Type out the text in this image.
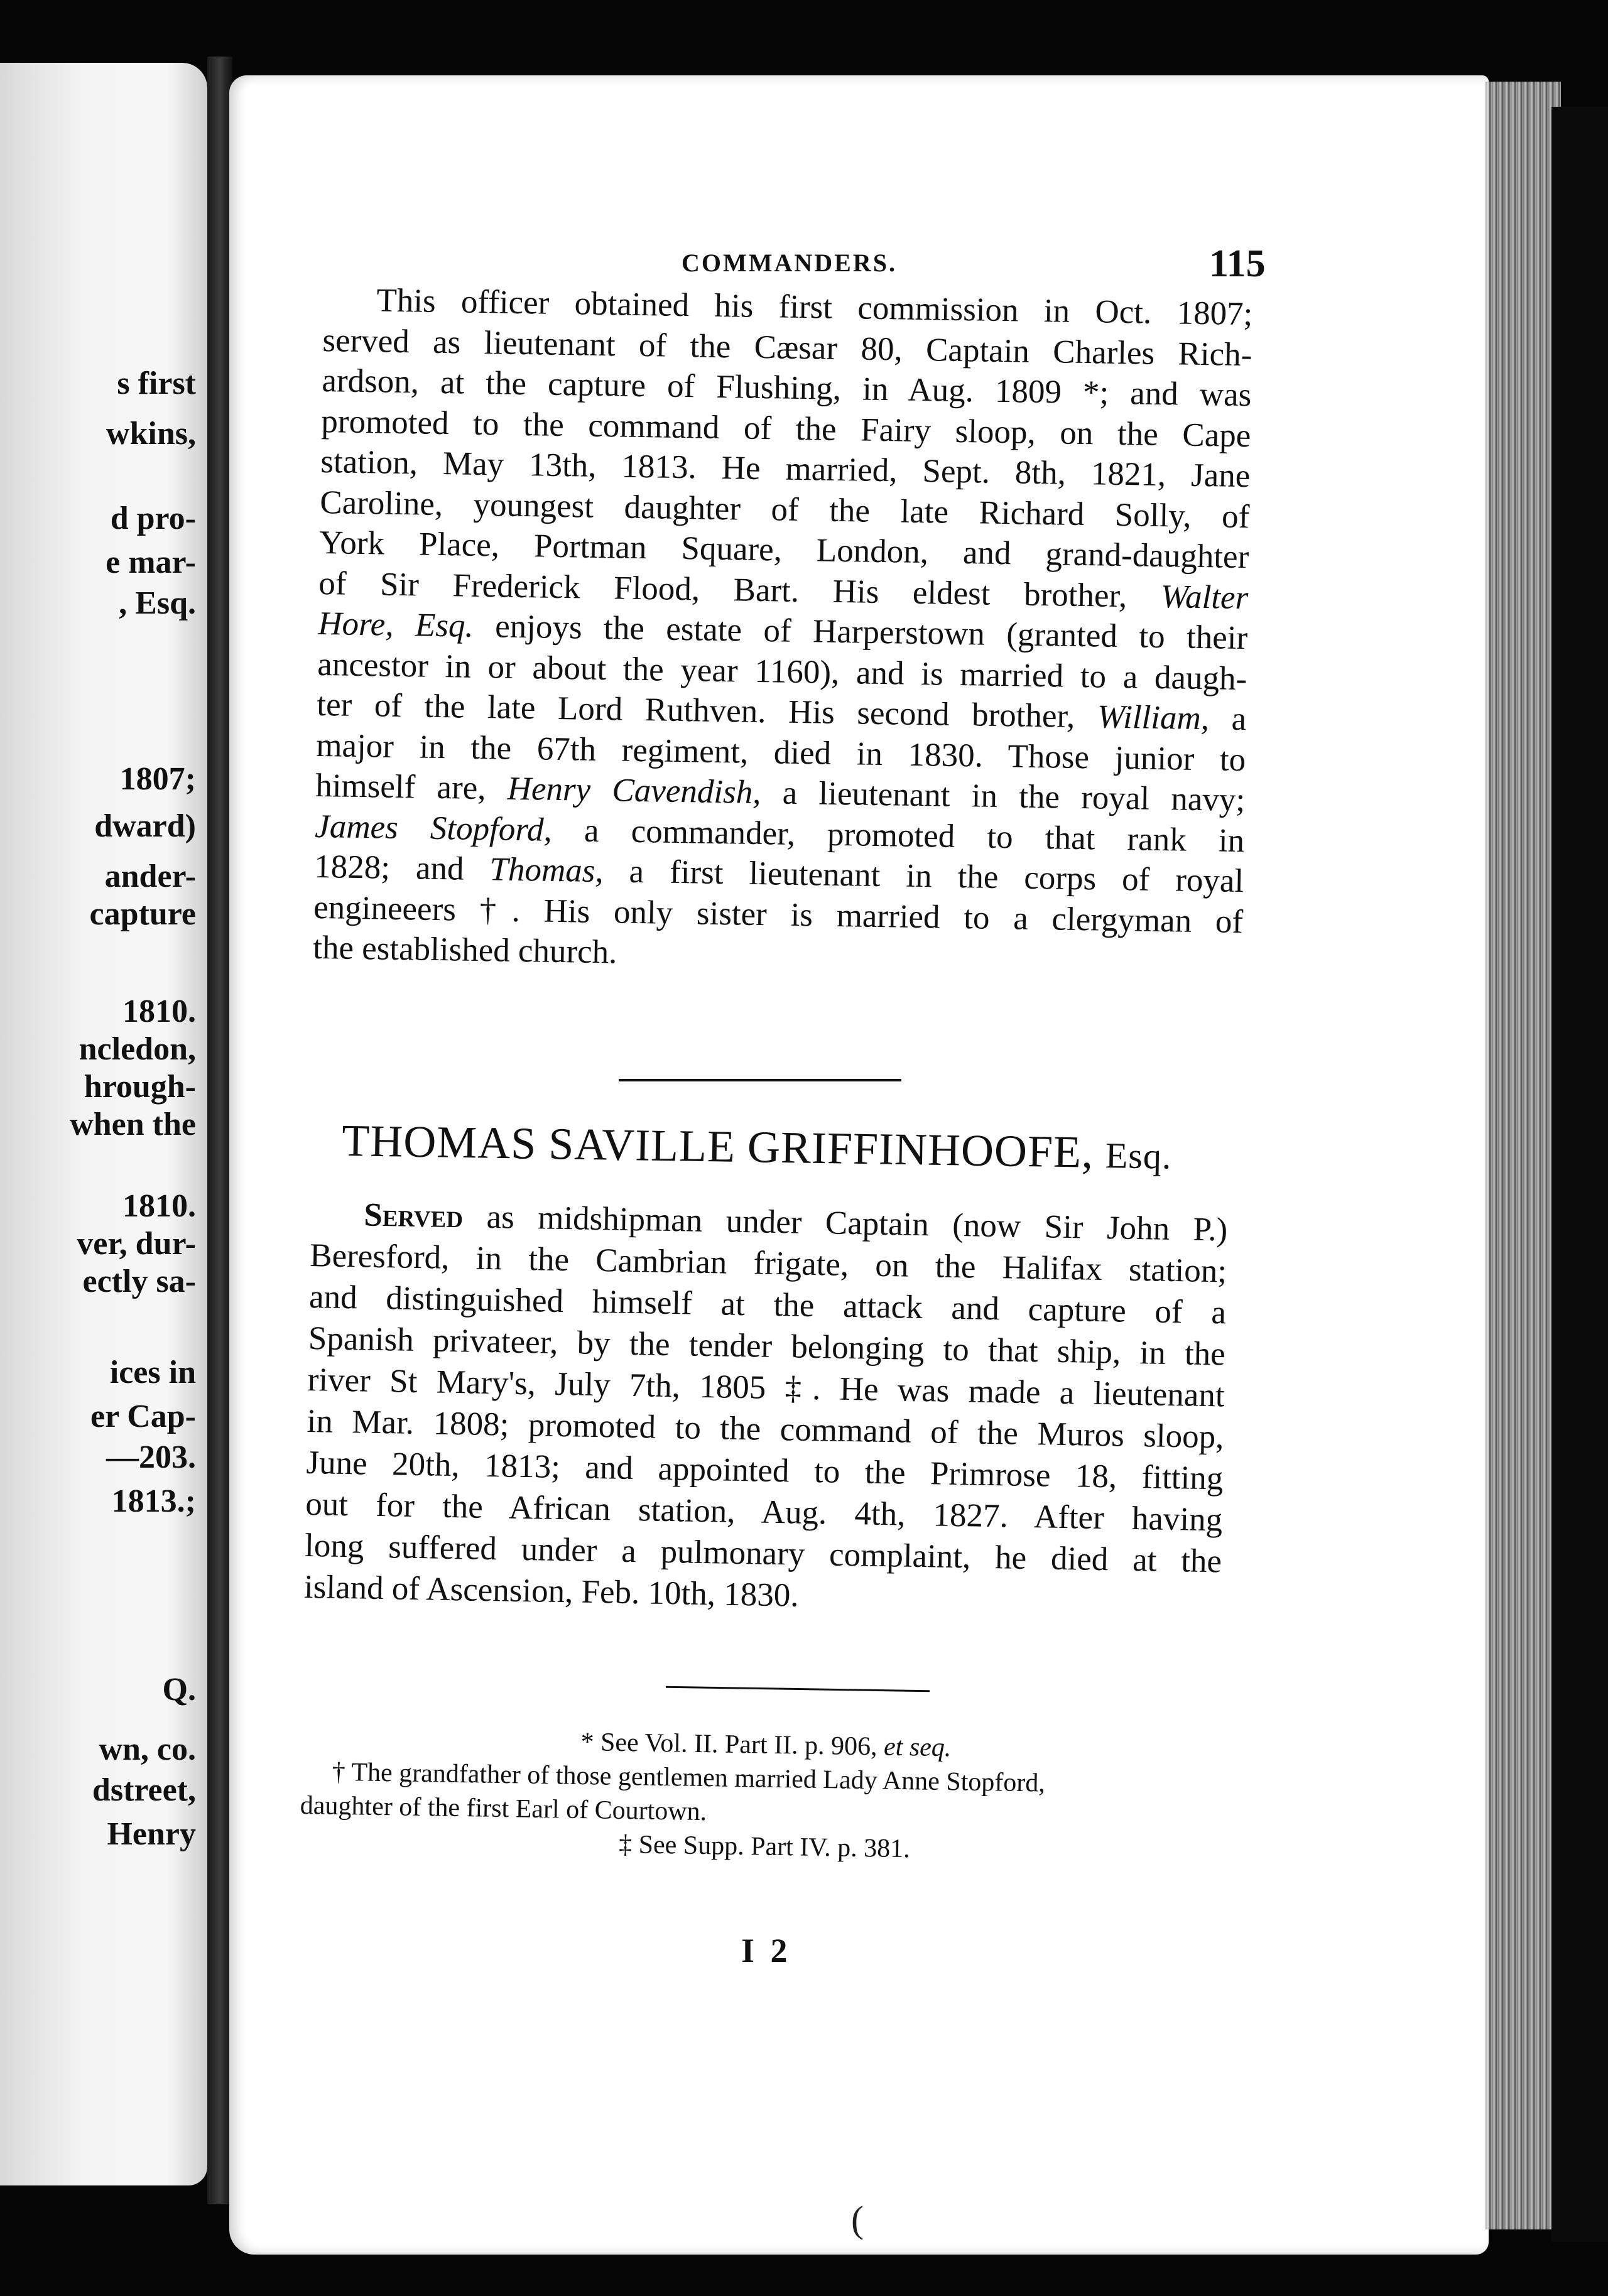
s first
wkins,
d pro-
e mar-
, Esq.
1807;
dward)
ander-
capture
1810.
ncledon,
hrough-
when the
1810.
ver, dur-
ectly sa-
ices in
er Cap-
—203.
1813.;
Q.
wn, co.
dstreet,
Henry
COMMANDERS.	115
This officer obtained his first commission in Oct. 1807;
served as lieutenant of the Cæsar 80, Captain Charles Rich-
ardson, at the capture of Flushing, in Aug. 1809 *; and was
promoted to the command of the Fairy sloop, on the Cape
station, May 13th, 1813. He married, Sept. 8th, 1821, Jane
Caroline, youngest daughter of the late Richard Solly, of
York Place, Portman Square, London, and grand-daughter
of Sir Frederick Flood, Bart. His eldest brother, Walter
Hore, Esq. enjoys the estate of Harperstown (granted to their
ancestor in or about the year 1160), and is married to a daugh-
ter of the late Lord Ruthven. His second brother, William, a
major in the 67th regiment, died in 1830. Those junior to
himself are, Henry Cavendish, a lieutenant in the royal navy;
James Stopford, a commander, promoted to that rank in
1828; and Thomas, a first lieutenant in the corps of royal
engineeers †. His only sister is married to a clergyman of
the established church.
THOMAS SAVILLE GRIFFINHOOFE, Esq.
Served as midshipman under Captain (now Sir John P.)
Beresford, in the Cambrian frigate, on the Halifax station;
and distinguished himself at the attack and capture of a
Spanish privateer, by the tender belonging to that ship, in the
river St Mary's, July 7th, 1805 ‡. He was made a lieutenant
in Mar. 1808; promoted to the command of the Muros sloop,
June 20th, 1813; and appointed to the Primrose 18, fitting
out for the African station, Aug. 4th, 1827. After having
long suffered under a pulmonary complaint, he died at the
island of Ascension, Feb. 10th, 1830.
* See Vol. II. Part II. p. 906, et seq.
† The grandfather of those gentlemen married Lady Anne Stopford,
daughter of the first Earl of Courtown.
‡ See Supp. Part IV. p. 381.
I 2
(
